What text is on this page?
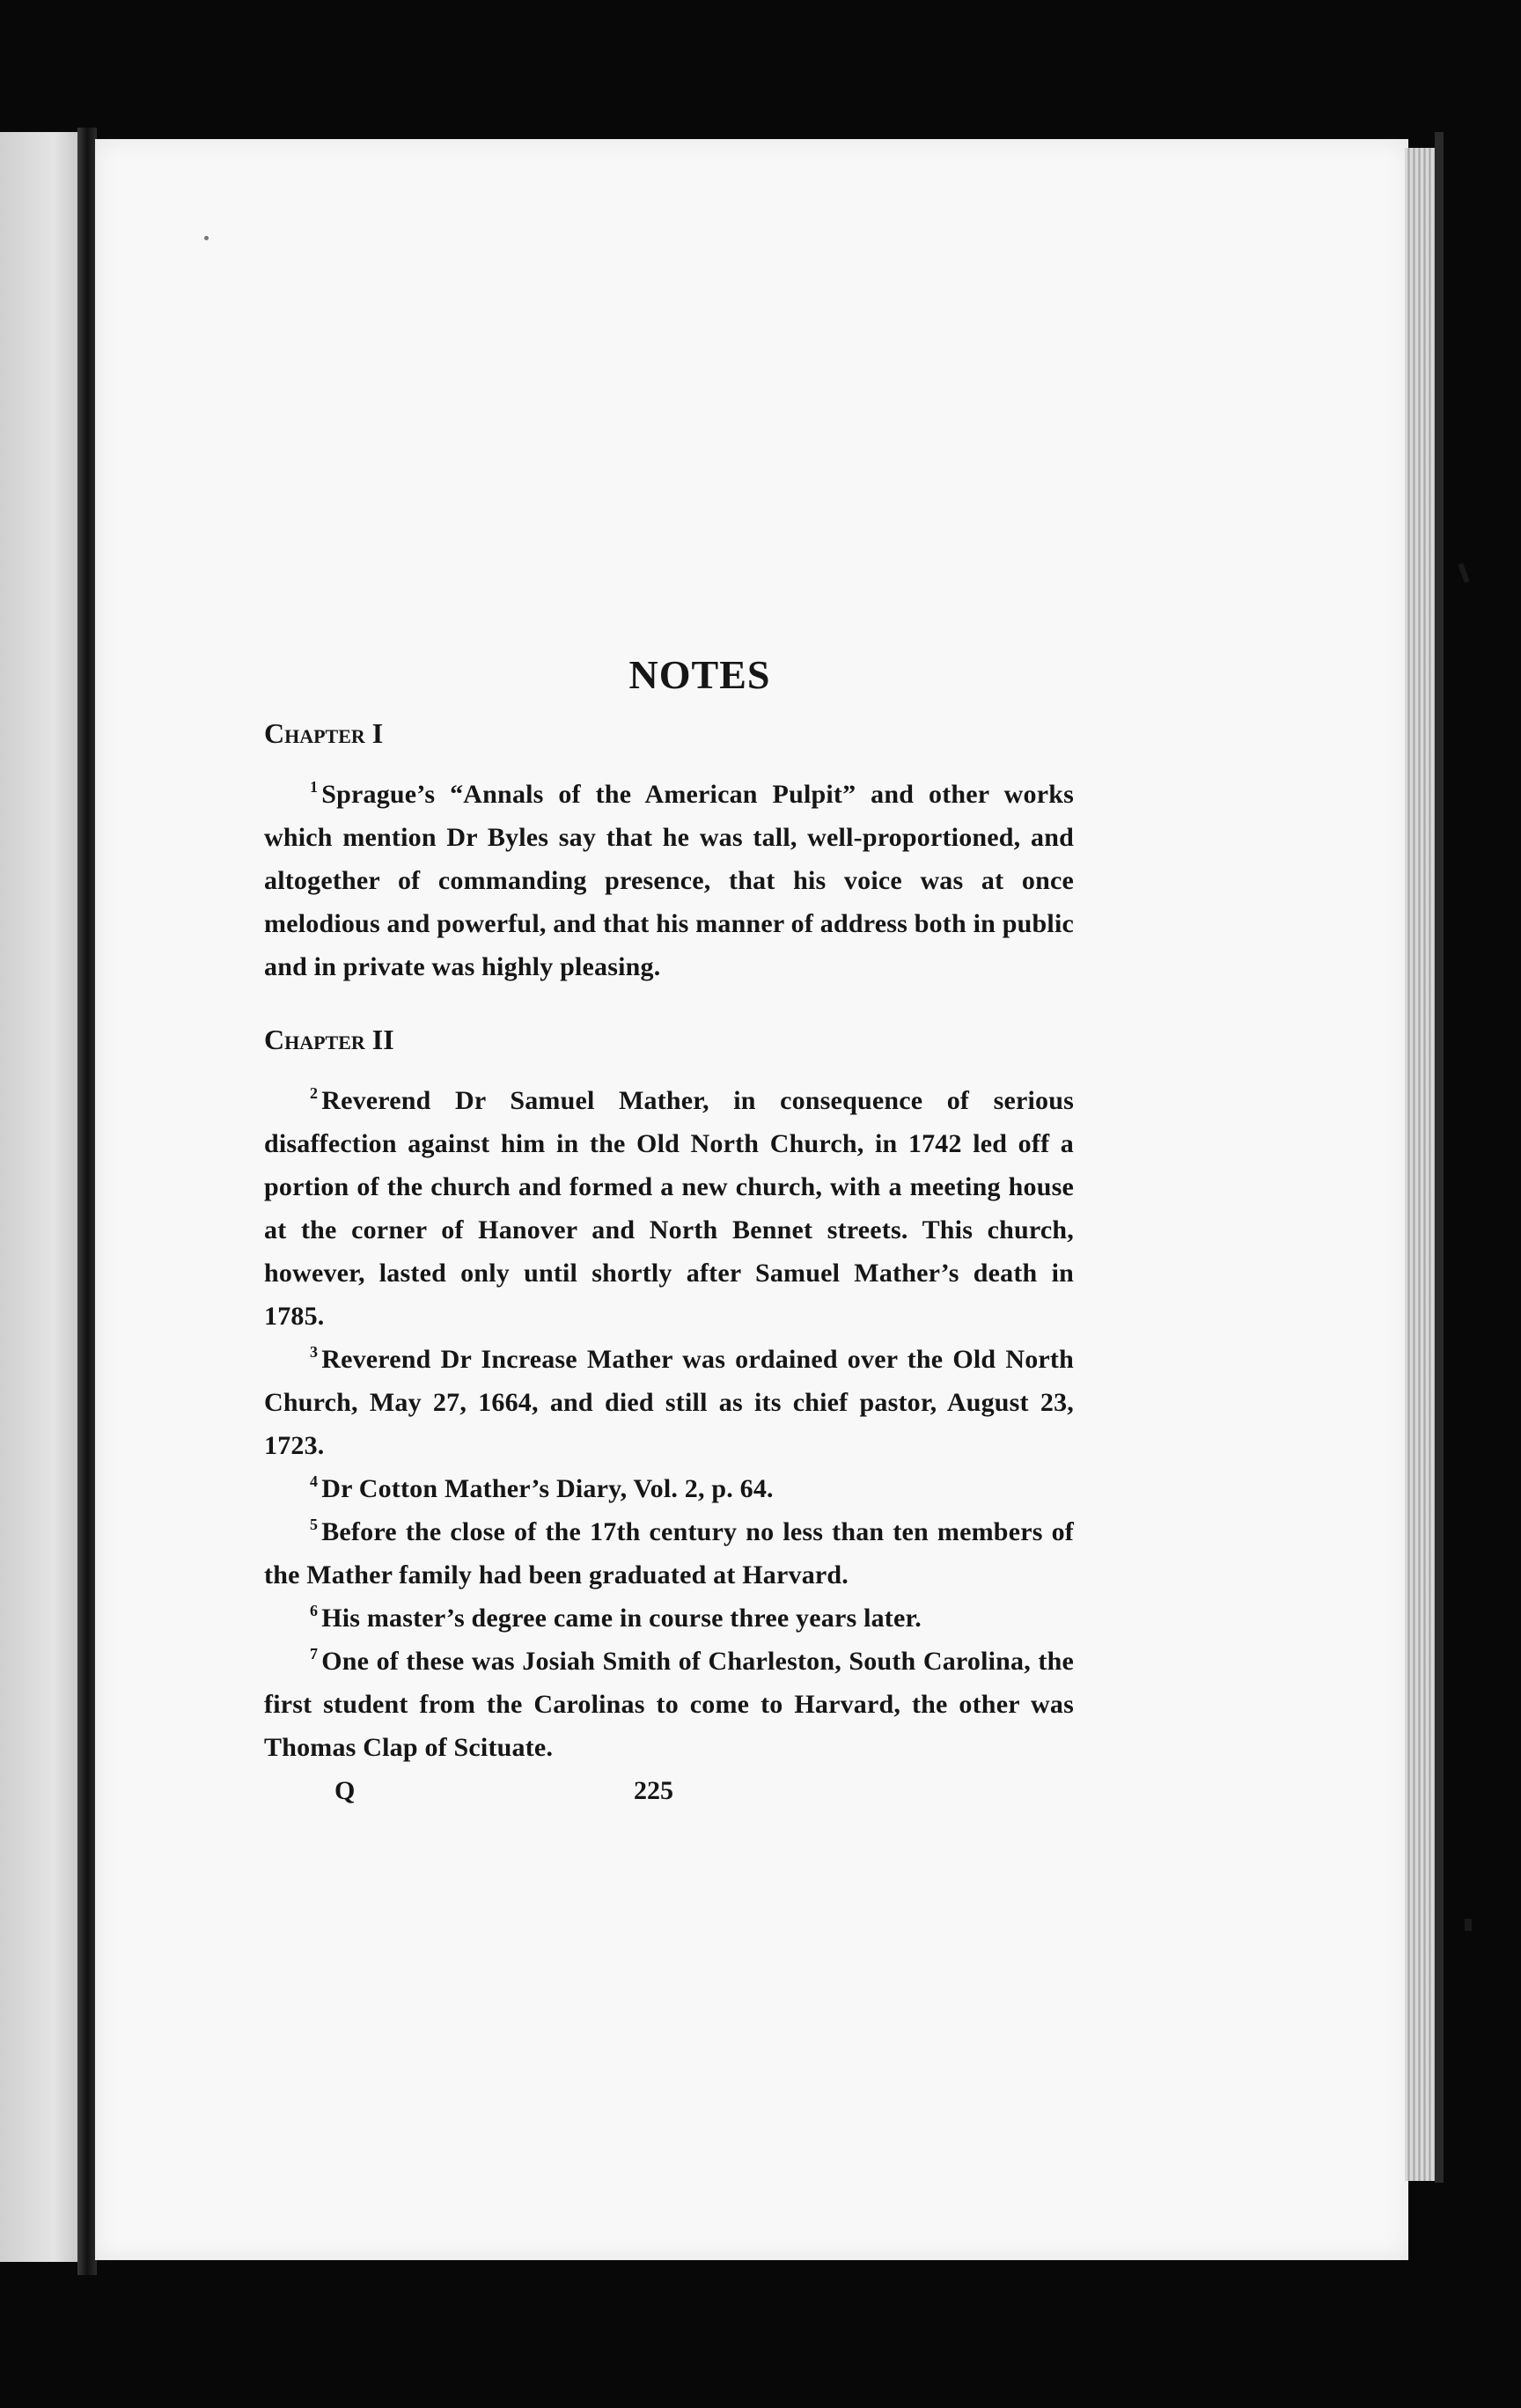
NOTES
Chapter I

$^1$ Sprague’s “Annals of the American Pulpit” and other works which mention Dr Byles say that he was tall, well-proportioned, and altogether of commanding presence, that his voice was at once melodious and powerful, and that his manner of address both in public and in private was highly pleasing.

Chapter II

$^2$ Reverend Dr Samuel Mather, in consequence of serious disaffection against him in the Old North Church, in 1742 led off a portion of the church and formed a new church, with a meeting house at the corner of Hanover and North Bennet streets. This church, however, lasted only until shortly after Samuel Mather’s death in 1785.

$^3$ Reverend Dr Increase Mather was ordained over the Old North Church, May 27, 1664, and died still as its chief pastor, August 23, 1723.

$^4$ Dr Cotton Mather’s Diary, Vol. 2, p. 64.

$^5$ Before the close of the 17th century no less than ten members of the Mather family had been graduated at Harvard.

$^6$ His master’s degree came in course three years later.

$^7$ One of these was Josiah Smith of Charleston, South Carolina, the first student from the Carolinas to come to Harvard, the other was Thomas Clap of Scituate.

Q	225
